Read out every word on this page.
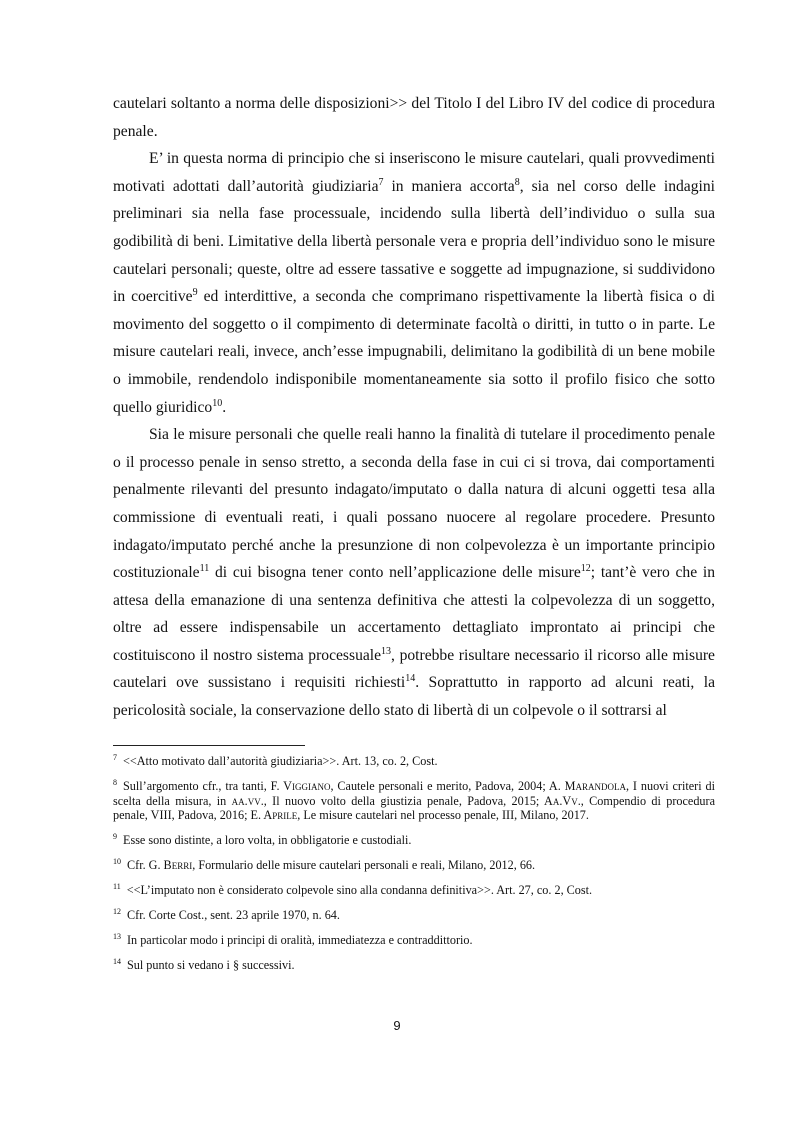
cautelari soltanto a norma delle disposizioni>> del Titolo I del Libro IV del codice di procedura penale.

E’ in questa norma di principio che si inseriscono le misure cautelari, quali provvedimenti motivati adottati dall’autorità giudiziaria$^7$ in maniera accorta$^8$, sia nel corso delle indagini preliminari sia nella fase processuale, incidendo sulla libertà dell’individuo o sulla sua godibilità di beni. Limitative della libertà personale vera e propria dell’individuo sono le misure cautelari personali; queste, oltre ad essere tassative e soggette ad impugnazione, si suddividono in coercitive$^9$ ed interdittive, a seconda che comprimano rispettivamente la libertà fisica o di movimento del soggetto o il compimento di determinate facoltà o diritti, in tutto o in parte. Le misure cautelari reali, invece, anch’esse impugnabili, delimitano la godibilità di un bene mobile o immobile, rendendolo indisponibile momentaneamente sia sotto il profilo fisico che sotto quello giuridico$^{10}$.

Sia le misure personali che quelle reali hanno la finalità di tutelare il procedimento penale o il processo penale in senso stretto, a seconda della fase in cui ci si trova, dai comportamenti penalmente rilevanti del presunto indagato/imputato o dalla natura di alcuni oggetti tesa alla commissione di eventuali reati, i quali possano nuocere al regolare procedere. Presunto indagato/imputato perché anche la presunzione di non colpevolezza è un importante principio costituzionale$^{11}$ di cui bisogna tener conto nell’applicazione delle misure$^{12}$; tant’è vero che in attesa della emanazione di una sentenza definitiva che attesti la colpevolezza di un soggetto, oltre ad essere indispensabile un accertamento dettagliato improntato ai principi che costituiscono il nostro sistema processuale$^{13}$, potrebbe risultare necessario il ricorso alle misure cautelari ove sussistano i requisiti richiesti$^{14}$. Soprattutto in rapporto ad alcuni reati, la pericolosità sociale, la conservazione dello stato di libertà di un colpevole o il sottrarsi al

$^7$ <<Atto motivato dall’autorità giudiziaria>>. Art. 13, co. 2, Cost.
$^8$ Sull’argomento cfr., tra tanti, F. Viggiano, Cautele personali e merito, Padova, 2004; A. Marandola, I nuovi criteri di scelta della misura, in aa.vv., Il nuovo volto della giustizia penale, Padova, 2015; Aa.Vv., Compendio di procedura penale, VIII, Padova, 2016; E. Aprile, Le misure cautelari nel processo penale, III, Milano, 2017.
$^9$ Esse sono distinte, a loro volta, in obbligatorie e custodiali.
$^{10}$ Cfr. G. Berri, Formulario delle misure cautelari personali e reali, Milano, 2012, 66.
$^{11}$ <<L’imputato non è considerato colpevole sino alla condanna definitiva>>. Art. 27, co. 2, Cost.
$^{12}$ Cfr. Corte Cost., sent. 23 aprile 1970, n. 64.
$^{13}$ In particolar modo i principi di oralità, immediatezza e contraddittorio.
$^{14}$ Sul punto si vedano i § successivi.
9
